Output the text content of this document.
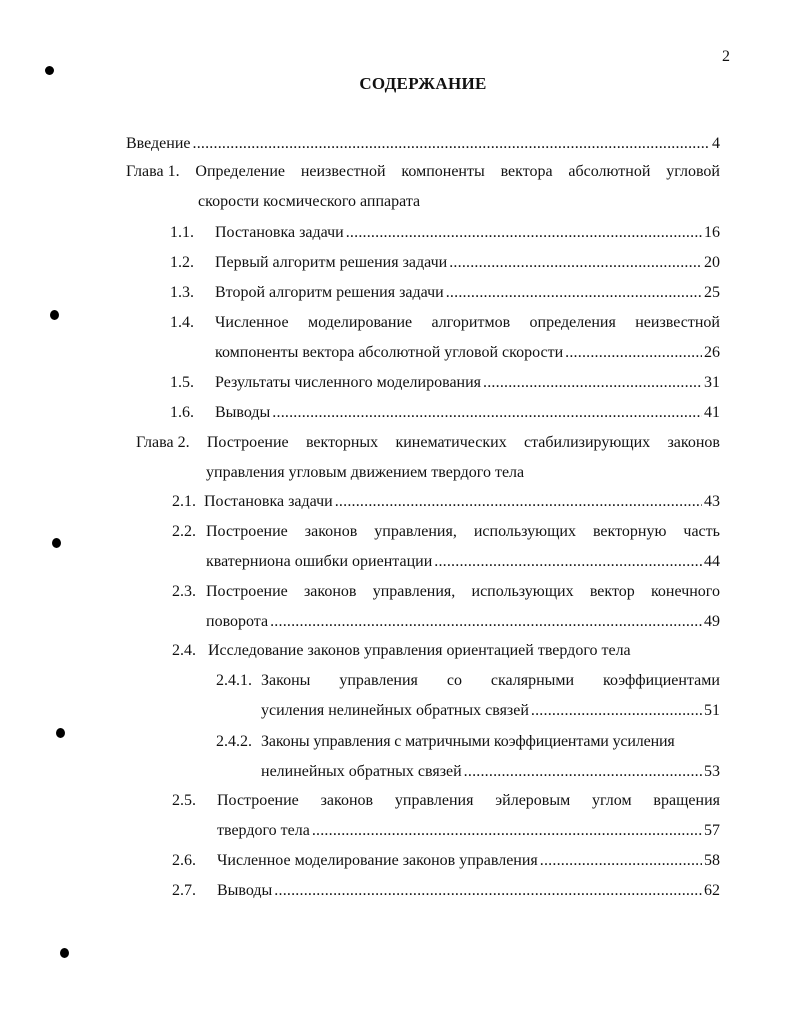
2
СОДЕРЖАНИЕ
Введение .....	4
Глава 1. Определение неизвестной компоненты вектора абсолютной угловой
скорости космического аппарата
1.1. Постановка задачи .....	16
1.2. Первый алгоритм решения задачи .....	20
1.3. Второй алгоритм решения задачи .....	25
1.4. Численное моделирование алгоритмов определения неизвестной
компоненты вектора абсолютной угловой скорости .....	26
1.5. Результаты численного моделирования .....	31
1.6. Выводы .....	41
Глава 2. Построение векторных кинематических стабилизирующих законов
управления угловым движением твердого тела
2.1. Постановка задачи .....	43
2.2. Построение законов управления, использующих векторную часть
кватерниона ошибки ориентации .....	44
2.3. Построение законов управления, использующих вектор конечного
поворота .....	49
2.4. Исследование законов управления ориентацией твердого тела
2.4.1. Законы управления со скалярными коэффициентами
усиления нелинейных обратных связей .....	51
2.4.2. Законы управления с матричными коэффициентами усиления
нелинейных обратных связей .....	53
2.5. Построение законов управления эйлеровым углом вращения
твердого тела .....	57
2.6. Численное моделирование законов управления .....	58
2.7. Выводы .....	62
